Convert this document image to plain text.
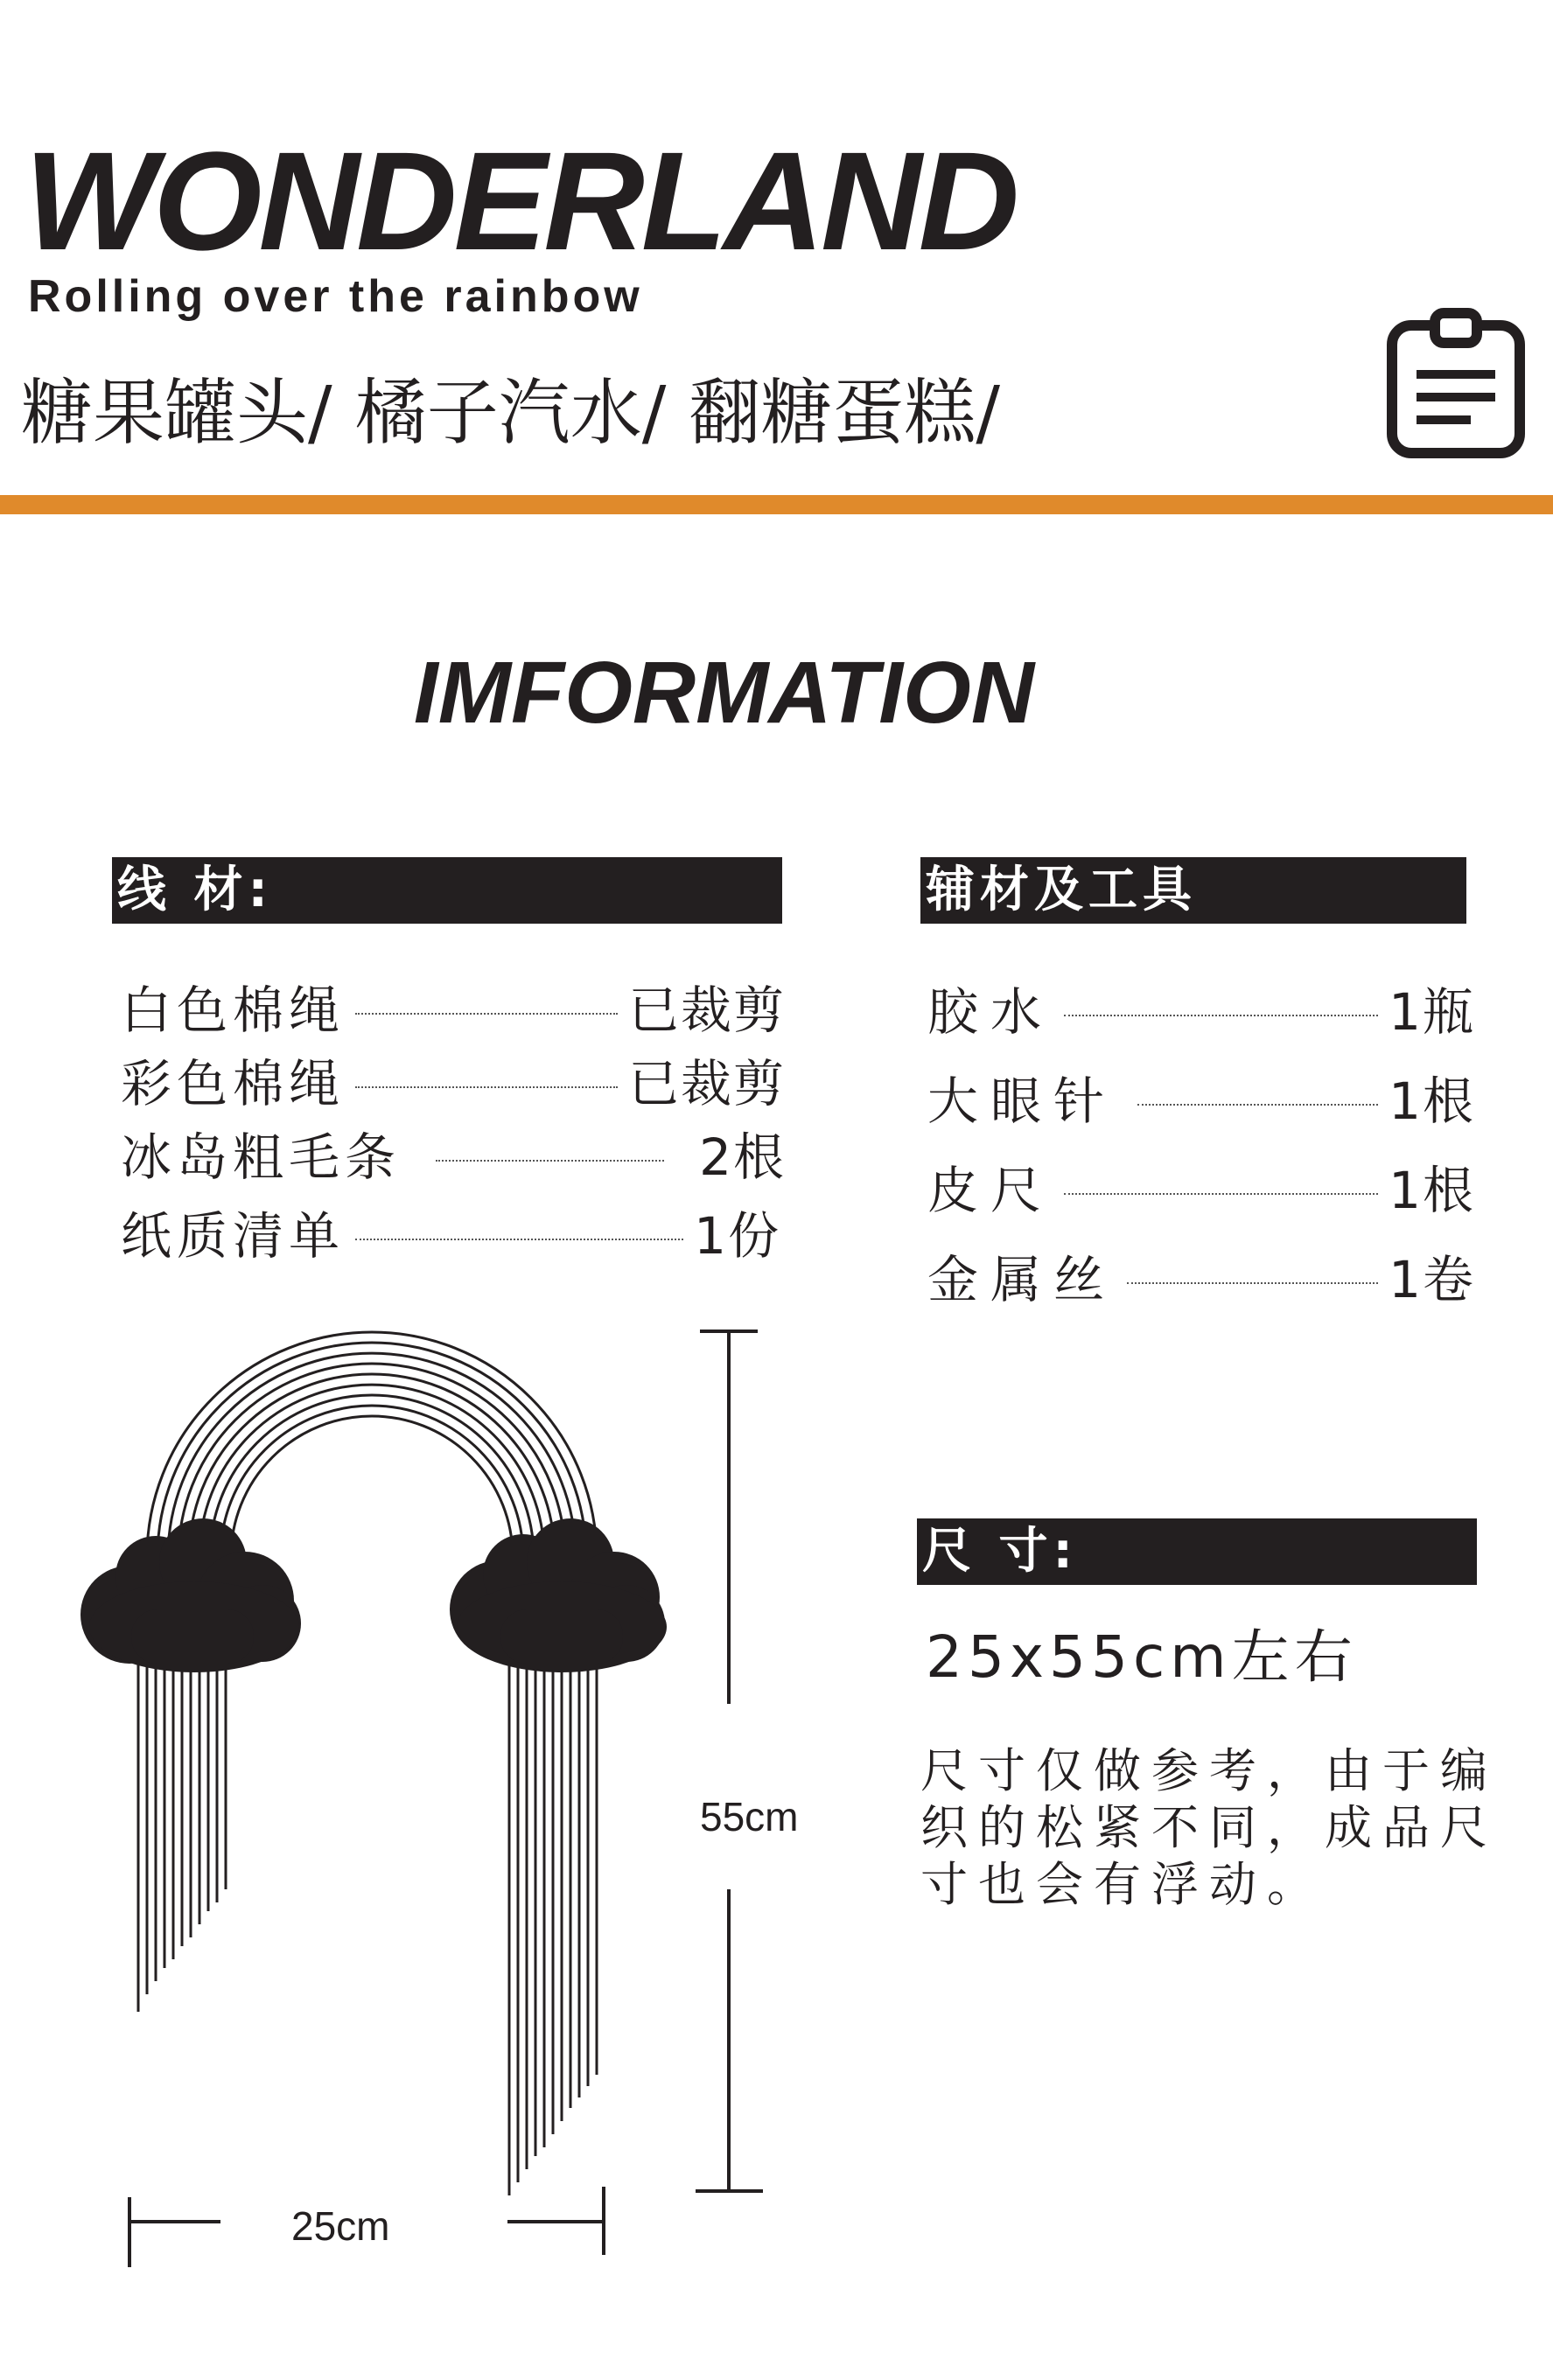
WONDERLAND
Rolling over the rainbow
糖果罐头/ 橘子汽水/ 翻糖蛋糕/
IMFORMATION
线 材:
白色棉绳	已裁剪
彩色棉绳	已裁剪
冰岛粗毛条	2根
纸质清单	1份
辅材及工具
胶水	1瓶
大眼针	1根
皮尺	1根
金属丝	1卷
尺 寸:
25x55cm左右
尺寸仅做参考，由于编织的松紧不同，成品尺寸也会有浮动。
55cm
25cm
